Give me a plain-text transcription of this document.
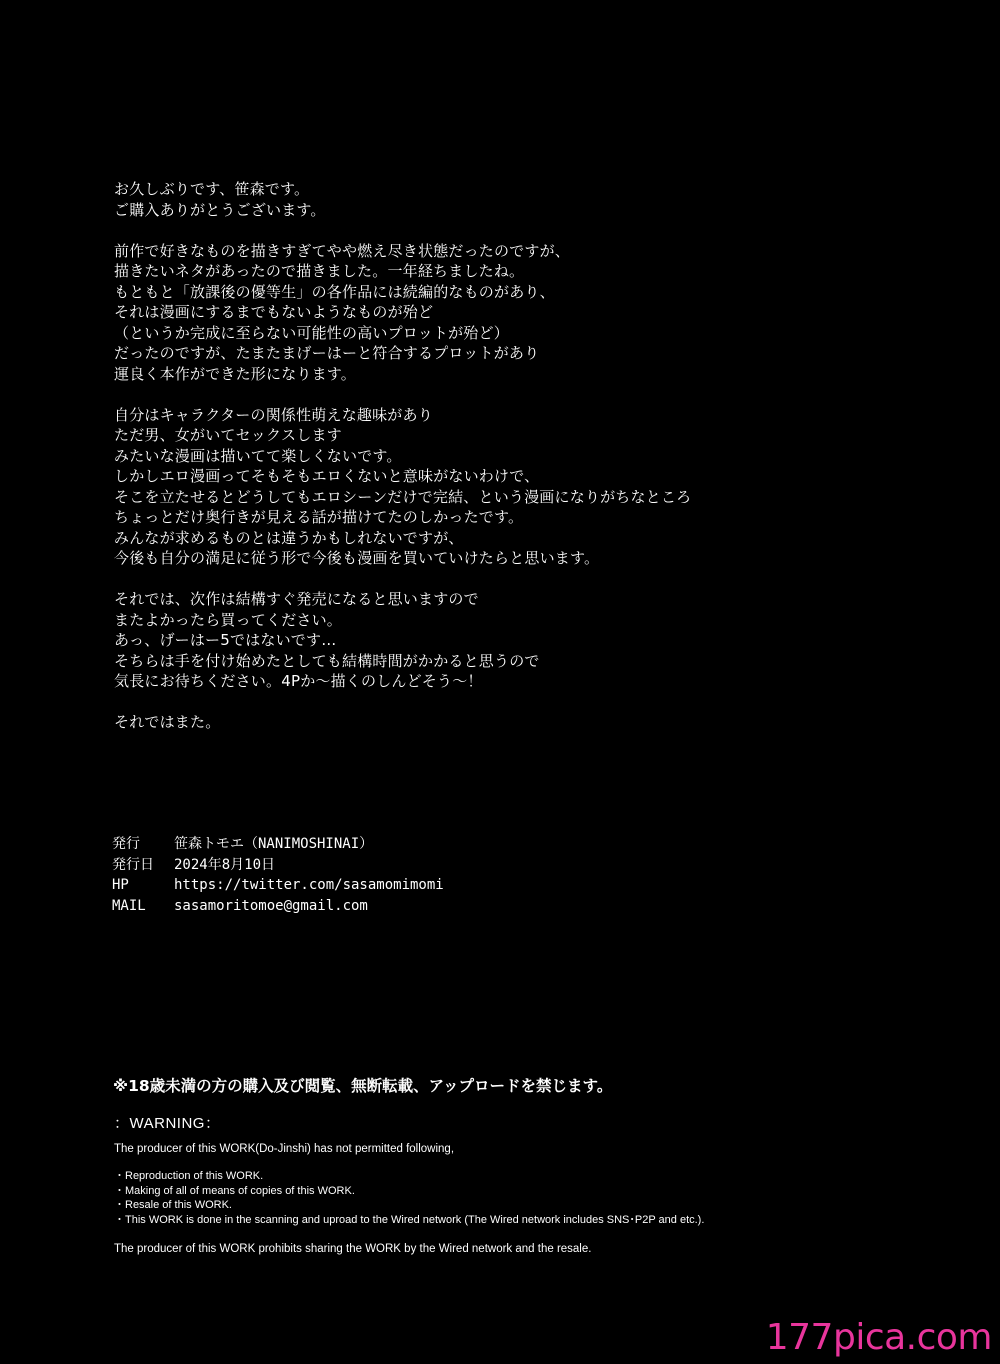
お久しぶりです、笹森です。
ご購入ありがとうございます。
前作で好きなものを描きすぎてやや燃え尽き状態だったのですが、
描きたいネタがあったので描きました。一年経ちましたね。
もともと「放課後の優等生」の各作品には続編的なものがあり、
それは漫画にするまでもないようなものが殆ど
（というか完成に至らない可能性の高いプロットが殆ど）
だったのですが、たまたまげーはーと符合するプロットがあり
運良く本作ができた形になります。
自分はキャラクターの関係性萌えな趣味があり
ただ男、女がいてセックスします
みたいな漫画は描いてて楽しくないです。
しかしエロ漫画ってそもそもエロくないと意味がないわけで、
そこを立たせるとどうしてもエロシーンだけで完結、という漫画になりがちなところ
ちょっとだけ奥行きが見える話が描けてたのしかったです。
みんなが求めるものとは違うかもしれないですが、
今後も自分の満足に従う形で今後も漫画を買いていけたらと思います。
それでは、次作は結構すぐ発売になると思いますので
またよかったら買ってください。
あっ、げーはー5ではないです…
そちらは手を付け始めたとしても結構時間がかかると思うので
気長にお待ちください。4Pか〜描くのしんどそう〜！
それではまた。
発行	笹森トモエ（NANIMOSHINAI）
発行日	2024年8月10日
HP	https://twitter.com/sasamomimomi
MAIL	sasamoritomoe@gmail.com
※18歳未満の方の購入及び閲覧、無断転載、アップロードを禁じます。
：WARNING：
The producer of this WORK(Do-Jinshi) has not permitted following,
・Reproduction of this WORK.
・Making of all of means of copies of this WORK.
・Resale of this WORK.
・This WORK is done in the scanning and uproad to the Wired network (The Wired network includes SNS･P2P and etc.).
The producer of this WORK prohibits sharing the WORK by the Wired network and the resale.
177pica.com
